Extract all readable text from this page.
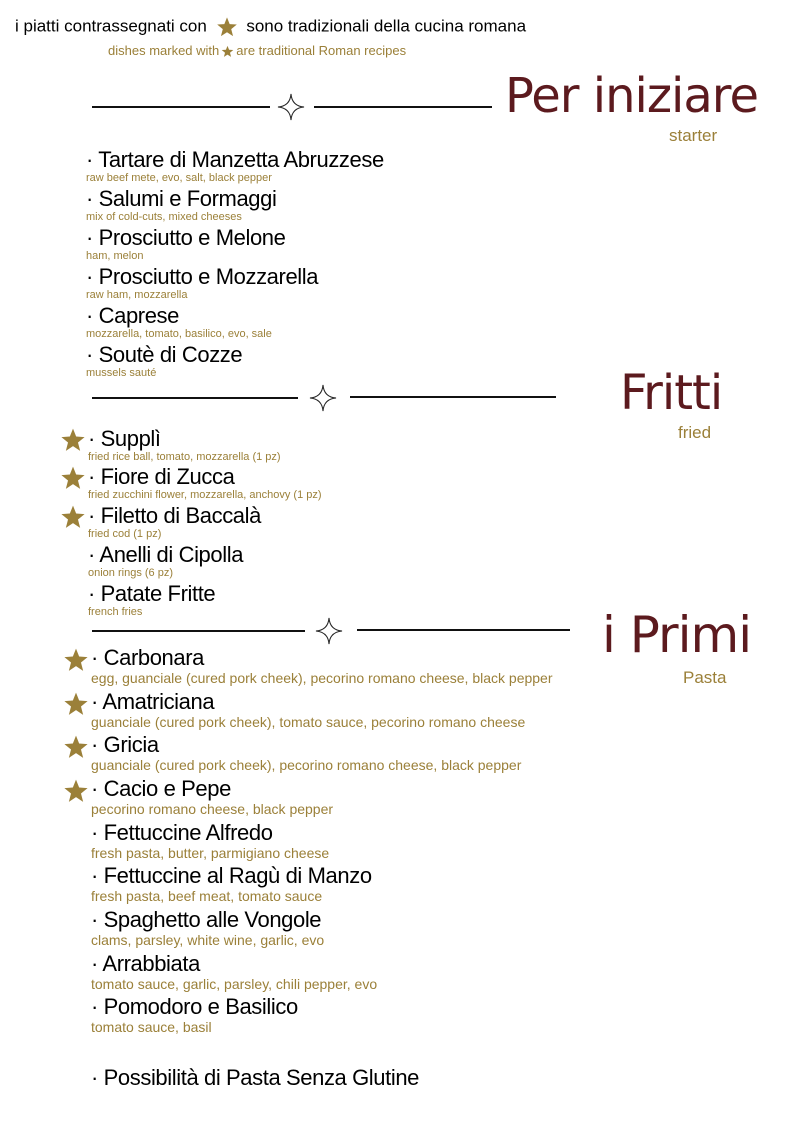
i piatti contrassegnati con sono tradizionali della cucina romana
dishes marked with are traditional Roman recipes
Per iniziare
starter
· Tartare di Manzetta Abruzzese
raw beef mete, evo, salt, black pepper
· Salumi e Formaggi
mix of cold-cuts, mixed cheeses
· Prosciutto e Melone
ham, melon
· Prosciutto e Mozzarella
raw ham, mozzarella
· Caprese
mozzarella, tomato, basilico, evo, sale
· Soutè di Cozze
mussels sauté	Fritti
fried
· Supplì
fried rice ball, tomato, mozzarella (1 pz)
· Fiore di Zucca
fried zucchini flower, mozzarella, anchovy (1 pz)
· Filetto di Baccalà
fried cod (1 pz)
· Anelli di Cipolla
onion rings (6 pz)
· Patate Fritte
french fries	i Primi
Pasta
· Carbonara
egg, guanciale (cured pork cheek), pecorino romano cheese, black pepper
· Amatriciana
guanciale (cured pork cheek), tomato sauce, pecorino romano cheese
· Gricia
guanciale (cured pork cheek), pecorino romano cheese, black pepper
· Cacio e Pepe
pecorino romano cheese, black pepper
· Fettuccine Alfredo
fresh pasta, butter, parmigiano cheese
· Fettuccine al Ragù di Manzo
fresh pasta, beef meat, tomato sauce
· Spaghetto alle Vongole
clams, parsley, white wine, garlic, evo
· Arrabbiata
tomato sauce, garlic, parsley, chili pepper, evo
· Pomodoro e Basilico
tomato sauce, basil
· Possibilità di Pasta Senza Glutine
